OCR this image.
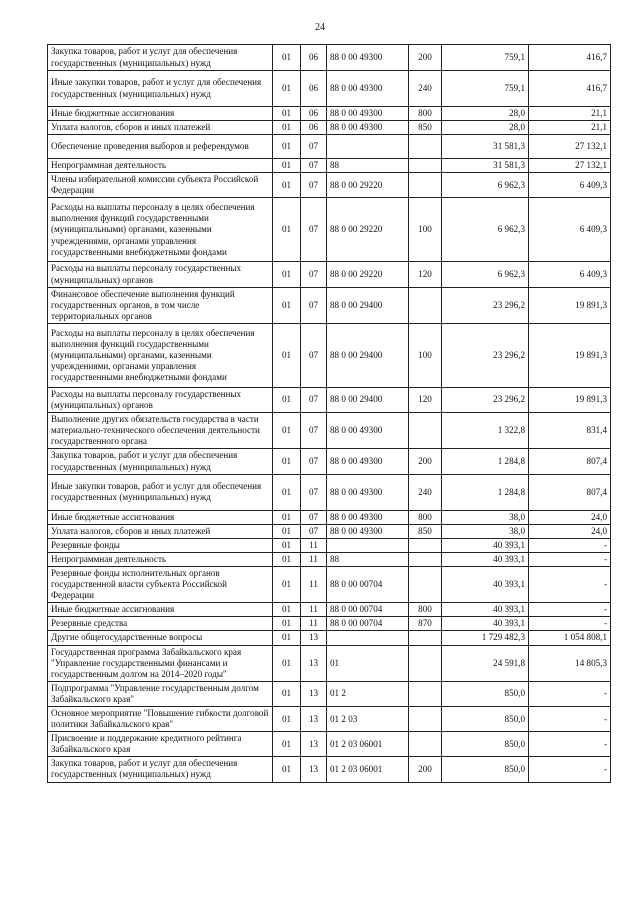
24
Закупка товаров, работ и услуг для обеспечения государственных (муниципальных) нужд	01	06	88 0 00 49300	200	759,1	416,7
Иные закупки товаров, работ и услуг для обеспечения государственных (муниципальных) нужд	01	06	88 0 00 49300	240	759,1	416,7
Иные бюджетные ассигнования	01	06	88 0 00 49300	800	28,0	21,1
Уплата налогов, сборов и иных платежей	01	06	88 0 00 49300	850	28,0	21,1
Обеспечение проведения выборов и референдумов	01	07			31 581,3	27 132,1
Непрограммная деятельность	01	07	88		31 581,3	27 132,1
Члены избирательной комиссии субъекта Российской Федерации	01	07	88 0 00 29220		6 962,3	6 409,3
Расходы на выплаты персоналу в целях обеспечения выполнения функций государственными (муниципальными) органами, казенными учреждениями, органами управления государственными внебюджетными фондами	01	07	88 0 00 29220	100	6 962,3	6 409,3
Расходы на выплаты персоналу государственных (муниципальных) органов	01	07	88 0 00 29220	120	6 962,3	6 409,3
Финансовое обеспечение выполнения функций государственных органов, в том числе территориальных органов	01	07	88 0 00 29400		23 296,2	19 891,3
Расходы на выплаты персоналу в целях обеспечения выполнения функций государственными (муниципальными) органами, казенными учреждениями, органами управления государственными внебюджетными фондами	01	07	88 0 00 29400	100	23 296,2	19 891,3
Расходы на выплаты персоналу государственных (муниципальных) органов	01	07	88 0 00 29400	120	23 296,2	19 891,3
Выполнение других обязательств государства в части материально-технического обеспечения деятельности государственного органа	01	07	88 0 00 49300		1 322,8	831,4
Закупка товаров, работ и услуг для обеспечения государственных (муниципальных) нужд	01	07	88 0 00 49300	200	1 284,8	807,4
Иные закупки товаров, работ и услуг для обеспечения государственных (муниципальных) нужд	01	07	88 0 00 49300	240	1 284,8	807,4
Иные бюджетные ассигнования	01	07	88 0 00 49300	800	38,0	24,0
Уплата налогов, сборов и иных платежей	01	07	88 0 00 49300	850	38,0	24,0
Резервные фонды	01	11			40 393,1	-
Непрограммная деятельность	01	11	88		40 393,1	-
Резервные фонды исполнительных органов государственной власти субъекта Российской Федерации	01	11	88 0 00 00704		40 393,1	-
Иные бюджетные ассигнования	01	11	88 0 00 00704	800	40 393,1	-
Резервные средства	01	11	88 0 00 00704	870	40 393,1	-
Другие общегосударственные вопросы	01	13			1 729 482,3	1 054 808,1
Государственная программа Забайкальского края "Управление государственными финансами и государственным долгом на 2014–2020 годы"	01	13	01		24 591,8	14 805,3
Подпрограмма "Управление государственным долгом Забайкальского края"	01	13	01 2		850,0	-
Основное мероприятие "Повышение гибкости долговой политики Забайкальского края"	01	13	01 2 03		850,0	-
Присвоение и поддержание кредитного рейтинга Забайкальского края	01	13	01 2 03 06001		850,0	-
Закупка товаров, работ и услуг для обеспечения государственных (муниципальных) нужд	01	13	01 2 03 06001	200	850,0	-
